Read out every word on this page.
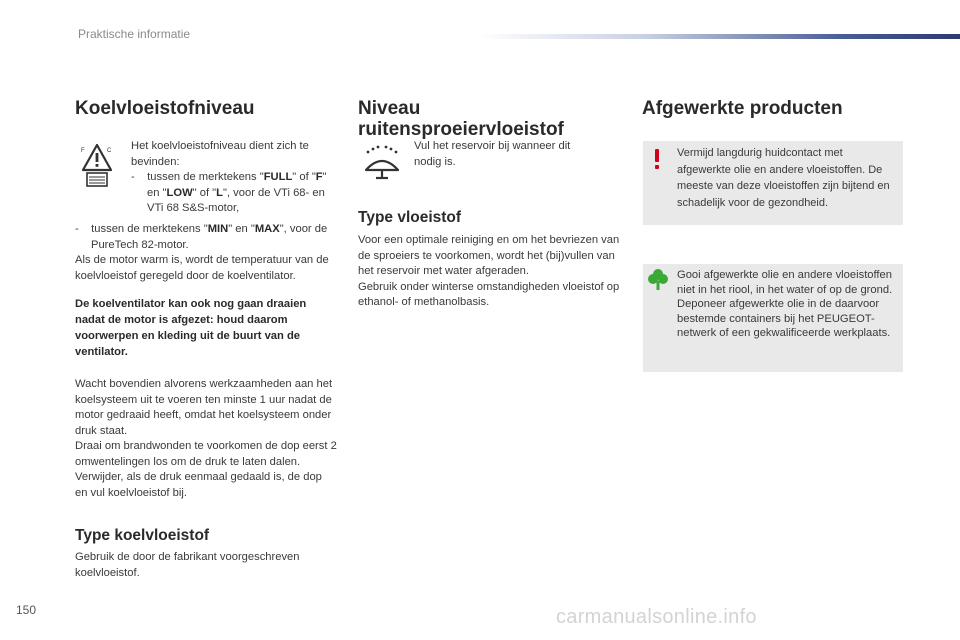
Praktische informatie
Koelvloeistofniveau
F	C Het koelvloeistofniveau dient zich te bevinden:

- tussen de merktekens "FULL" of "F" en "LOW" of "L", voor de VTi 68- en VTi 68 S&S-motor,

- tussen de merktekens "MIN" en "MAX", voor de PureTech 82-motor.

Als de motor warm is, wordt de temperatuur van de koelvloeistof geregeld door de koelventilator.

De koelventilator kan ook nog gaan draaien nadat de motor is afgezet: houd daarom voorwerpen en kleding uit de buurt van de ventilator.

Wacht bovendien alvorens werkzaamheden aan het koelsysteem uit te voeren ten minste 1 uur nadat de motor gedraaid heeft, omdat het koelsysteem onder druk staat.

Draai om brandwonden te voorkomen de dop eerst 2 omwentelingen los om de druk te laten dalen. Verwijder, als de druk eenmaal gedaald is, de dop en vul koelvloeistof bij.

Type koelvloeistof

Gebruik de door de fabrikant voorgeschreven koelvloeistof.

Niveau
ruitensproeiervloeistof

Vul het reservoir bij wanneer dit nodig is.

Type vloeistof

Voor een optimale reiniging en om het bevriezen van de sproeiers te voorkomen, wordt het (bij)vullen van het reservoir met water afgeraden.

Gebruik onder winterse omstandigheden vloeistof op ethanol- of methanolbasis.

Afgewerkte producten

Vermijd langdurig huidcontact met afgewerkte olie en andere vloeistoffen. De meeste van deze vloeistoffen zijn bijtend en schadelijk voor de gezondheid.

Gooi afgewerkte olie en andere vloeistoffen niet in het riool, in het water of op de grond.

Deponeer afgewerkte olie in de daarvoor bestemde containers bij het PEUGEOT-netwerk of een gekwalificeerde werkplaats.

150	carmanualsonline.info
